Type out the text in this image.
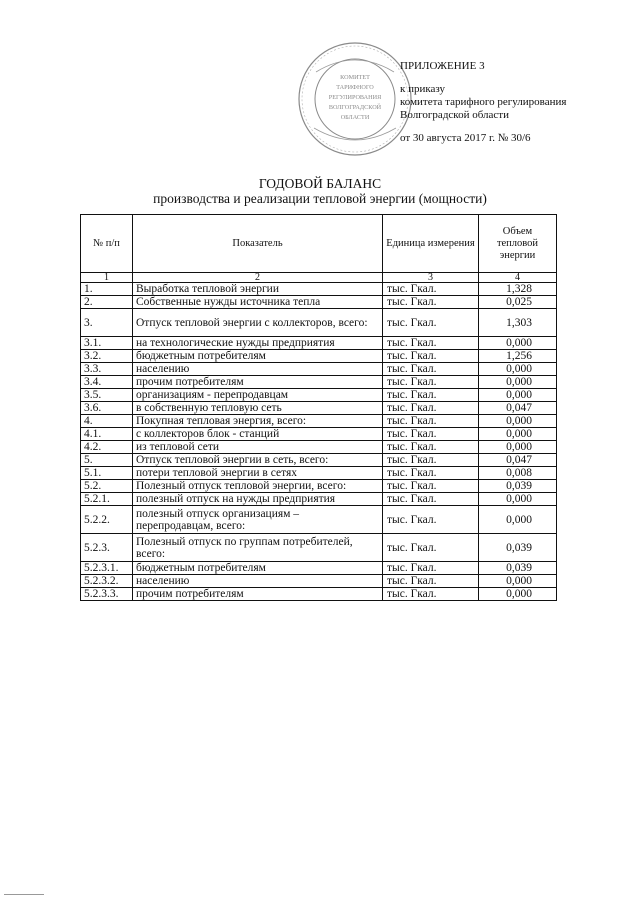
КОМИТЕТ
ТАРИФНОГО
РЕГУЛИРОВАНИЯ
ВОЛГОГРАДСКОЙ
ОБЛАСТИ
ПРИЛОЖЕНИЕ 3
к приказу
комитета тарифного регулирования
Волгоградской области
от 30 августа 2017 г. № 30/6
ГОДОВОЙ БАЛАНС
производства и реализации тепловой энергии (мощности)
№ п/п	Показатель	Единица измерения	Объем тепловой энергии
1	2	3	4
1.	Выработка тепловой энергии	тыс. Гкал.	1,328
2.	Собственные нужды источника тепла	тыс. Гкал.	0,025
3.	Отпуск тепловой энергии с коллекторов, всего:	тыс. Гкал.	1,303
3.1.	на технологические нужды предприятия	тыс. Гкал.	0,000
3.2.	бюджетным потребителям	тыс. Гкал.	1,256
3.3.	населению	тыс. Гкал.	0,000
3.4.	прочим потребителям	тыс. Гкал.	0,000
3.5.	организациям - перепродавцам	тыс. Гкал.	0,000
3.6.	в собственную тепловую сеть	тыс. Гкал.	0,047
4.	Покупная тепловая энергия, всего:	тыс. Гкал.	0,000
4.1.	с коллекторов блок - станций	тыс. Гкал.	0,000
4.2.	из тепловой сети	тыс. Гкал.	0,000
5.	Отпуск тепловой энергии в сеть, всего:	тыс. Гкал.	0,047
5.1.	потери тепловой энергии в сетях	тыс. Гкал.	0,008
5.2.	Полезный отпуск тепловой энергии, всего:	тыс. Гкал.	0,039
5.2.1.	полезный отпуск на нужды предприятия	тыс. Гкал.	0,000
5.2.2.	полезный отпуск организациям – перепродавцам, всего:	тыс. Гкал.	0,000
5.2.3.	Полезный отпуск по группам потребителей, всего:	тыс. Гкал.	0,039
5.2.3.1.	бюджетным потребителям	тыс. Гкал.	0,039
5.2.3.2.	населению	тыс. Гкал.	0,000
5.2.3.3.	прочим потребителям	тыс. Гкал.	0,000
